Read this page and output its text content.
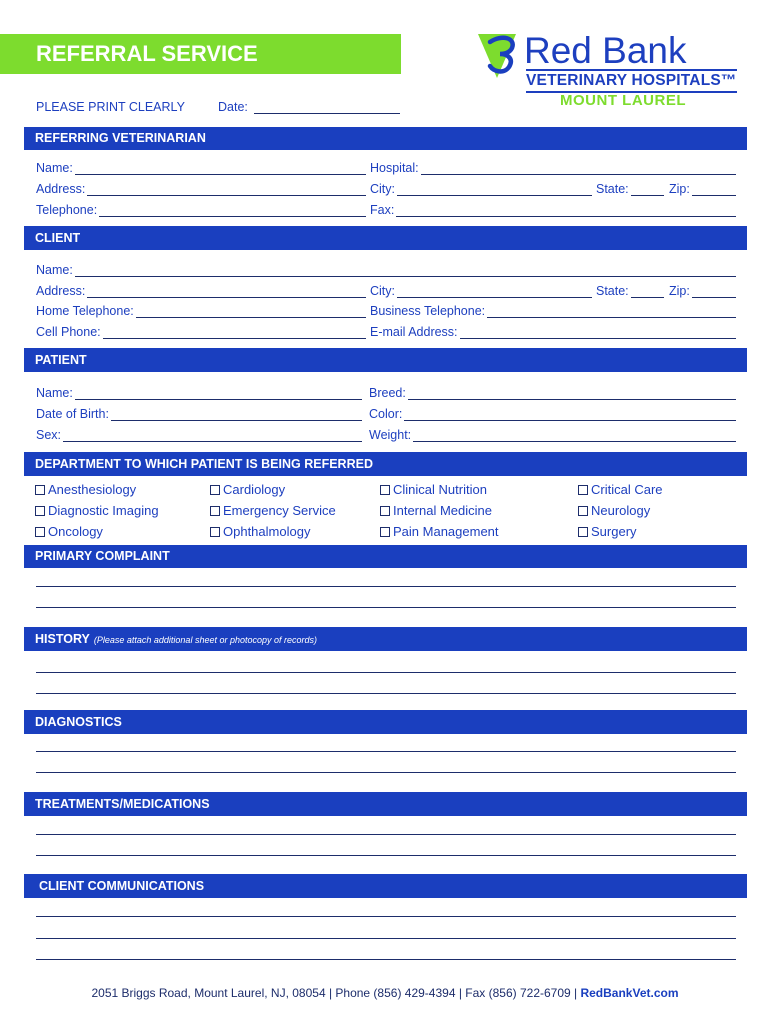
REFERRAL SERVICE	Red Bank
VETERINARY HOSPITALS™
MOUNT LAUREL
PLEASE PRINT CLEARLY	Date:
REFERRING VETERINARIAN
Name:	Hospital:
Address:	City:	State:	Zip:
Telephone:	Fax:
CLIENT
Name:
Address:	City:	State:	Zip:
Home Telephone:	Business Telephone:
Cell Phone:	E-mail Address:
PATIENT
Name:	Breed:
Date of Birth:	Color:
Sex:	Weight:
DEPARTMENT TO WHICH PATIENT IS BEING REFERRED
Anesthesiology	Cardiology	Clinical Nutrition	Critical Care
Diagnostic Imaging	Emergency Service	Internal Medicine	Neurology
Oncology	Ophthalmology	Pain Management	Surgery
PRIMARY COMPLAINT
HISTORY (Please attach additional sheet or photocopy of records)
DIAGNOSTICS
TREATMENTS/MEDICATIONS
CLIENT COMMUNICATIONS
2051 Briggs Road, Mount Laurel, NJ, 08054 | Phone (856) 429-4394 | Fax (856) 722-6709 | RedBankVet.com
